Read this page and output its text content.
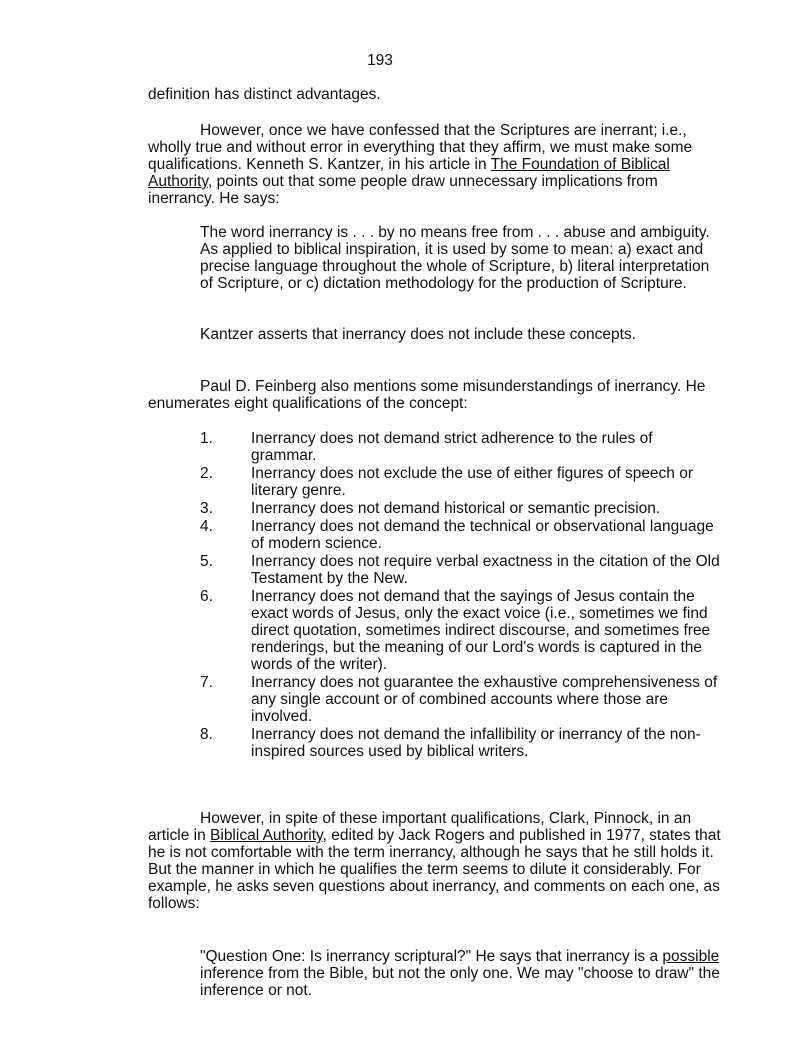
193

definition has distinct advantages.

However, once we have confessed that the Scriptures are inerrant; i.e., wholly true and without error in everything that they affirm, we must make some qualifications. Kenneth S. Kantzer, in his article in The Foundation of Biblical Authority, points out that some people draw unnecessary implications from inerrancy. He says:

The word inerrancy is . . . by no means free from . . . abuse and ambiguity. As applied to biblical inspiration, it is used by some to mean: a) exact and precise language throughout the whole of Scripture, b) literal interpretation of Scripture, or c) dictation methodology for the production of Scripture.

Kantzer asserts that inerrancy does not include these concepts.

Paul D. Feinberg also mentions some misunderstandings of inerrancy. He enumerates eight qualifications of the concept:

1. Inerrancy does not demand strict adherence to the rules of grammar.
2. Inerrancy does not exclude the use of either figures of speech or literary genre.
3. Inerrancy does not demand historical or semantic precision.
4. Inerrancy does not demand the technical or observational language of modern science.
5. Inerrancy does not require verbal exactness in the citation of the Old Testament by the New.
6. Inerrancy does not demand that the sayings of Jesus contain the exact words of Jesus, only the exact voice (i.e., sometimes we find direct quotation, sometimes indirect discourse, and sometimes free renderings, but the meaning of our Lord's words is captured in the words of the writer).
7. Inerrancy does not guarantee the exhaustive comprehensiveness of any single account or of combined accounts where those are involved.
8. Inerrancy does not demand the infallibility or inerrancy of the non-inspired sources used by biblical writers.

However, in spite of these important qualifications, Clark, Pinnock, in an article in Biblical Authority, edited by Jack Rogers and published in 1977, states that he is not comfortable with the term inerrancy, although he says that he still holds it. But the manner in which he qualifies the term seems to dilute it considerably. For example, he asks seven questions about inerrancy, and comments on each one, as follows:

"Question One: Is inerrancy scriptural?" He says that inerrancy is a possible inference from the Bible, but not the only one. We may "choose to draw" the inference or not.
